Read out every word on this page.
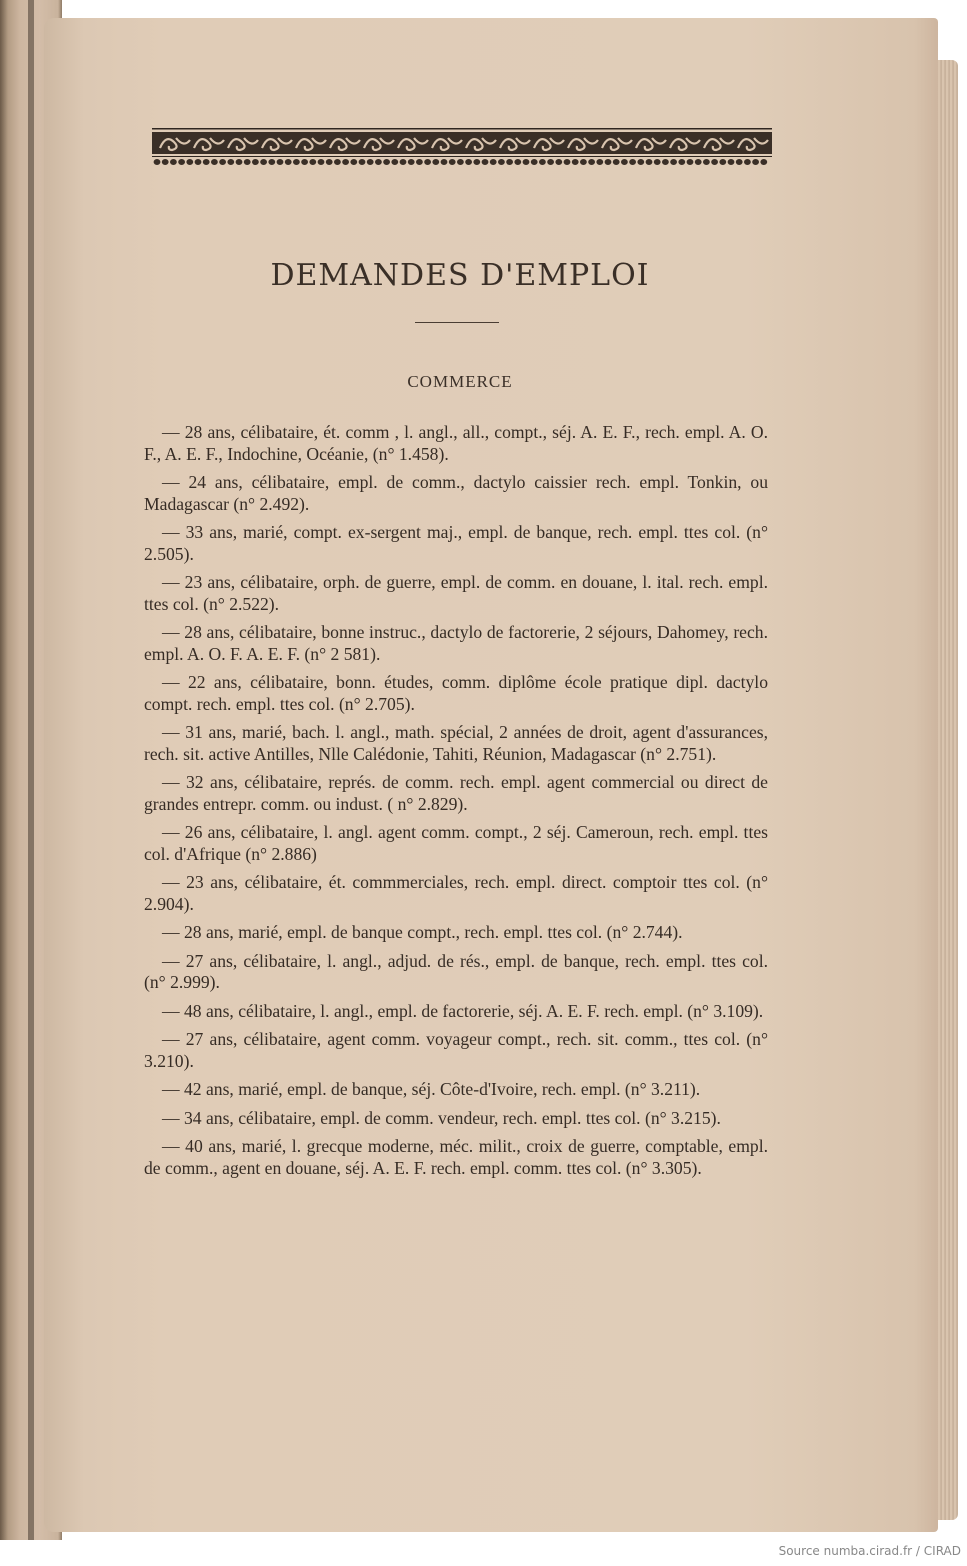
DEMANDES D'EMPLOI
COMMERCE
— 28 ans, célibataire, ét. comm , l. angl., all., compt., séj. A. E. F., rech. empl. A. O. F., A. E. F., Indochine, Océanie, (n° 1.458).
— 24 ans, célibataire, empl. de comm., dactylo caissier rech. empl. Tonkin, ou Madagascar (n° 2.492).
— 33 ans, marié, compt. ex-sergent maj., empl. de banque, rech. empl. ttes col. (n° 2.505).
— 23 ans, célibataire, orph. de guerre, empl. de comm. en douane, l. ital. rech. empl. ttes col. (n° 2.522).
— 28 ans, célibataire, bonne instruc., dactylo de factorerie, 2 séjours, Dahomey, rech. empl. A. O. F. A. E. F. (n° 2 581).
— 22 ans, célibataire, bonn. études, comm. diplôme école pratique dipl. dactylo compt. rech. empl. ttes col. (n° 2.705).
— 31 ans, marié, bach. l. angl., math. spécial, 2 années de droit, agent d'assurances, rech. sit. active Antilles, Nlle Calédonie, Tahiti, Réunion, Madagascar (n° 2.751).
— 32 ans, célibataire, représ. de comm. rech. empl. agent commercial ou direct de grandes entrepr. comm. ou indust. ( n° 2.829).
— 26 ans, célibataire, l. angl. agent comm. compt., 2 séj. Cameroun, rech. empl. ttes col. d'Afrique (n° 2.886)
— 23 ans, célibataire, ét. commmerciales, rech. empl. direct. comptoir ttes col. (n° 2.904).
— 28 ans, marié, empl. de banque compt., rech. empl. ttes col. (n° 2.744).
— 27 ans, célibataire, l. angl., adjud. de rés., empl. de banque, rech. empl. ttes col. (n° 2.999).
— 48 ans, célibataire, l. angl., empl. de factorerie, séj. A. E. F. rech. empl. (n° 3.109).
— 27 ans, célibataire, agent comm. voyageur compt., rech. sit. comm., ttes col. (n° 3.210).
— 42 ans, marié, empl. de banque, séj. Côte-d'Ivoire, rech. empl. (n° 3.211).
— 34 ans, célibataire, empl. de comm. vendeur, rech. empl. ttes col. (n° 3.215).
— 40 ans, marié, l. grecque moderne, méc. milit., croix de guerre, comptable, empl. de comm., agent en douane, séj. A. E. F. rech. empl. comm. ttes col. (n° 3.305).
Source numba.cirad.fr / CIRAD
